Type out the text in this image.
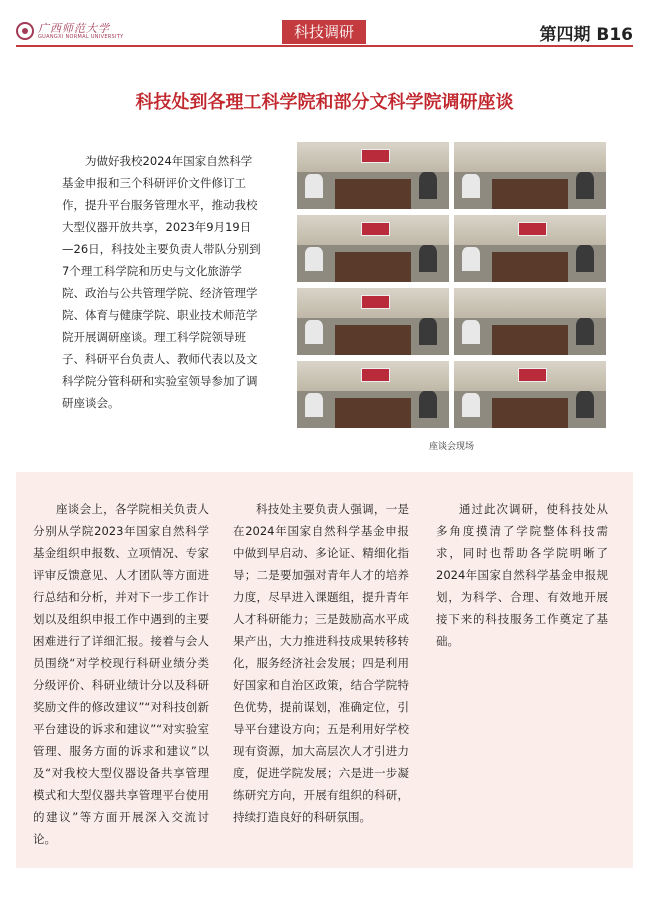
广西师范大学
GUANGXI NORMAL UNIVERSITY	科技调研	第四期 B16
科技处到各理工科学院和部分文科学院调研座谈

为做好我校2024年国家自然科学基金申报和三个科研评价文件修订工作，提升平台服务管理水平，推动我校大型仪器开放共享，2023年9月19日—26日，科技处主要负责人带队分别到7个理工科学院和历史与文化旅游学院、政治与公共管理学院、经济管理学院、体育与健康学院、职业技术师范学院开展调研座谈。理工科学院领导班子、科研平台负责人、教师代表以及文科学院分管科研和实验室领导参加了调研座谈会。

座谈会现场

座谈会上，各学院相关负责人分别从学院2023年国家自然科学基金组织申报数、立项情况、专家评审反馈意见、人才团队等方面进行总结和分析，并对下一步工作计划以及组织申报工作中遇到的主要困难进行了详细汇报。接着与会人员围绕“对学校现行科研业绩分类分级评价、科研业绩计分以及科研奖励文件的修改建议”“对科技创新平台建设的诉求和建议”“对实验室管理、服务方面的诉求和建议”以及“对我校大型仪器设备共享管理模式和大型仪器共享管理平台使用的建议”等方面开展深入交流讨论。

科技处主要负责人强调，一是在2024年国家自然科学基金申报中做到早启动、多论证、精细化指导；二是要加强对青年人才的培养力度，尽早进入课题组，提升青年人才科研能力；三是鼓励高水平成果产出，大力推进科技成果转移转化，服务经济社会发展；四是利用好国家和自治区政策，结合学院特色优势，提前谋划，准确定位，引导平台建设方向；五是利用好学校现有资源，加大高层次人才引进力度，促进学院发展；六是进一步凝练研究方向，开展有组织的科研，持续打造良好的科研氛围。

通过此次调研，使科技处从多角度摸清了学院整体科技需求，同时也帮助各学院明晰了2024年国家自然科学基金申报规划，为科学、合理、有效地开展接下来的科技服务工作奠定了基础。
